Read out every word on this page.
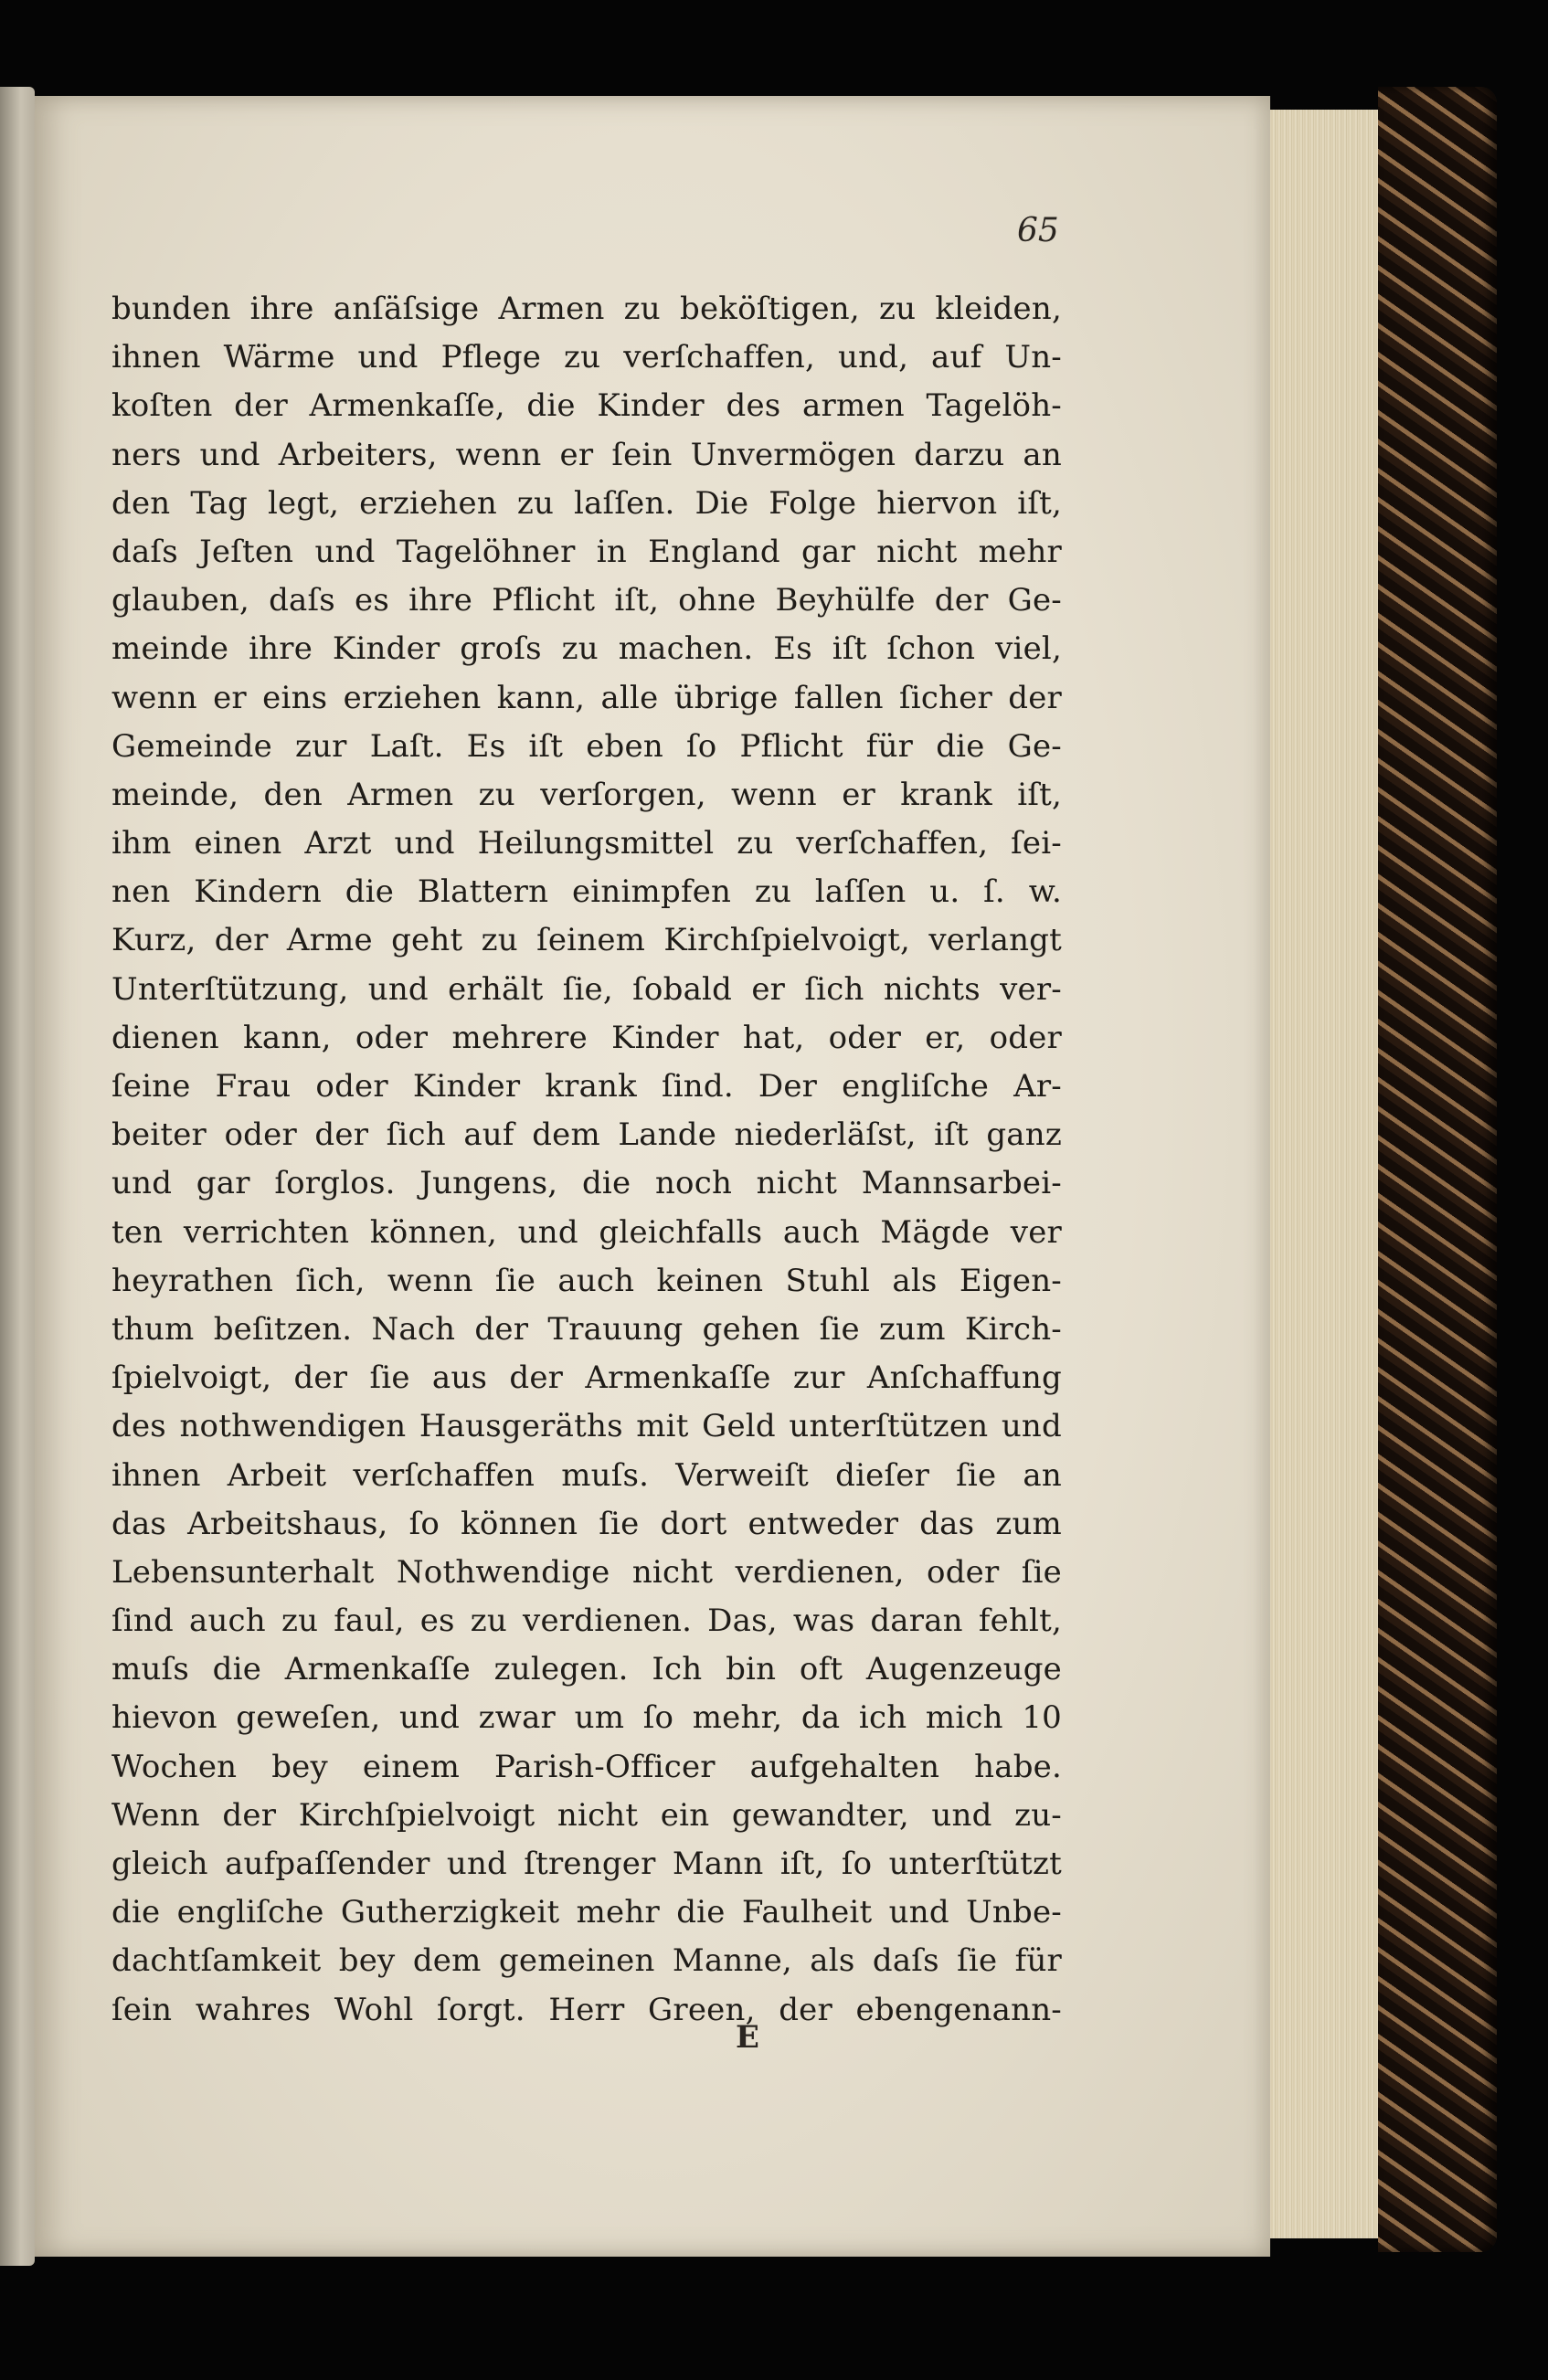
65
bunden ihre anſäſsige Armen zu beköſtigen, zu kleiden,
ihnen Wärme und Pflege zu verſchaffen, und, auf Un-
koſten der Armenkaſſe, die Kinder des armen Tagelöh-
ners und Arbeiters, wenn er ſein Unvermögen darzu an
den Tag legt, erziehen zu laſſen. Die Folge hiervon iſt,
daſs Jeſten und Tagelöhner in England gar nicht mehr
glauben, daſs es ihre Pflicht iſt, ohne Beyhülfe der Ge-
meinde ihre Kinder groſs zu machen. Es iſt ſchon viel,
wenn er eins erziehen kann, alle übrige fallen ſicher der
Gemeinde zur Laſt. Es iſt eben ſo Pflicht für die Ge-
meinde, den Armen zu verſorgen, wenn er krank iſt,
ihm einen Arzt und Heilungsmittel zu verſchaffen, ſei-
nen Kindern die Blattern einimpfen zu laſſen u. ſ. w.
Kurz, der Arme geht zu ſeinem Kirchſpielvoigt, verlangt
Unterſtützung, und erhält ſie, ſobald er ſich nichts ver-
dienen kann, oder mehrere Kinder hat, oder er, oder
ſeine Frau oder Kinder krank ſind. Der engliſche Ar-
beiter oder der ſich auf dem Lande niederläſst, iſt ganz
und gar ſorglos. Jungens, die noch nicht Mannsarbei-
ten verrichten können, und gleichfalls auch Mägde ver
heyrathen ſich, wenn ſie auch keinen Stuhl als Eigen-
thum beſitzen. Nach der Trauung gehen ſie zum Kirch-
ſpielvoigt, der ſie aus der Armenkaſſe zur Anſchaffung
des nothwendigen Hausgeräths mit Geld unterſtützen und
ihnen Arbeit verſchaffen muſs. Verweiſt dieſer ſie an
das Arbeitshaus, ſo können ſie dort entweder das zum
Lebensunterhalt Nothwendige nicht verdienen, oder ſie
ſind auch zu faul, es zu verdienen. Das, was daran fehlt,
muſs die Armenkaſſe zulegen. Ich bin oft Augenzeuge
hievon geweſen, und zwar um ſo mehr, da ich mich 10
Wochen bey einem Parish-Officer aufgehalten habe.
Wenn der Kirchſpielvoigt nicht ein gewandter, und zu-
gleich aufpaſſender und ſtrenger Mann iſt, ſo unterſtützt
die engliſche Gutherzigkeit mehr die Faulheit und Unbe-
dachtſamkeit bey dem gemeinen Manne, als daſs ſie für
ſein wahres Wohl ſorgt. Herr Green, der ebengenann-
E
